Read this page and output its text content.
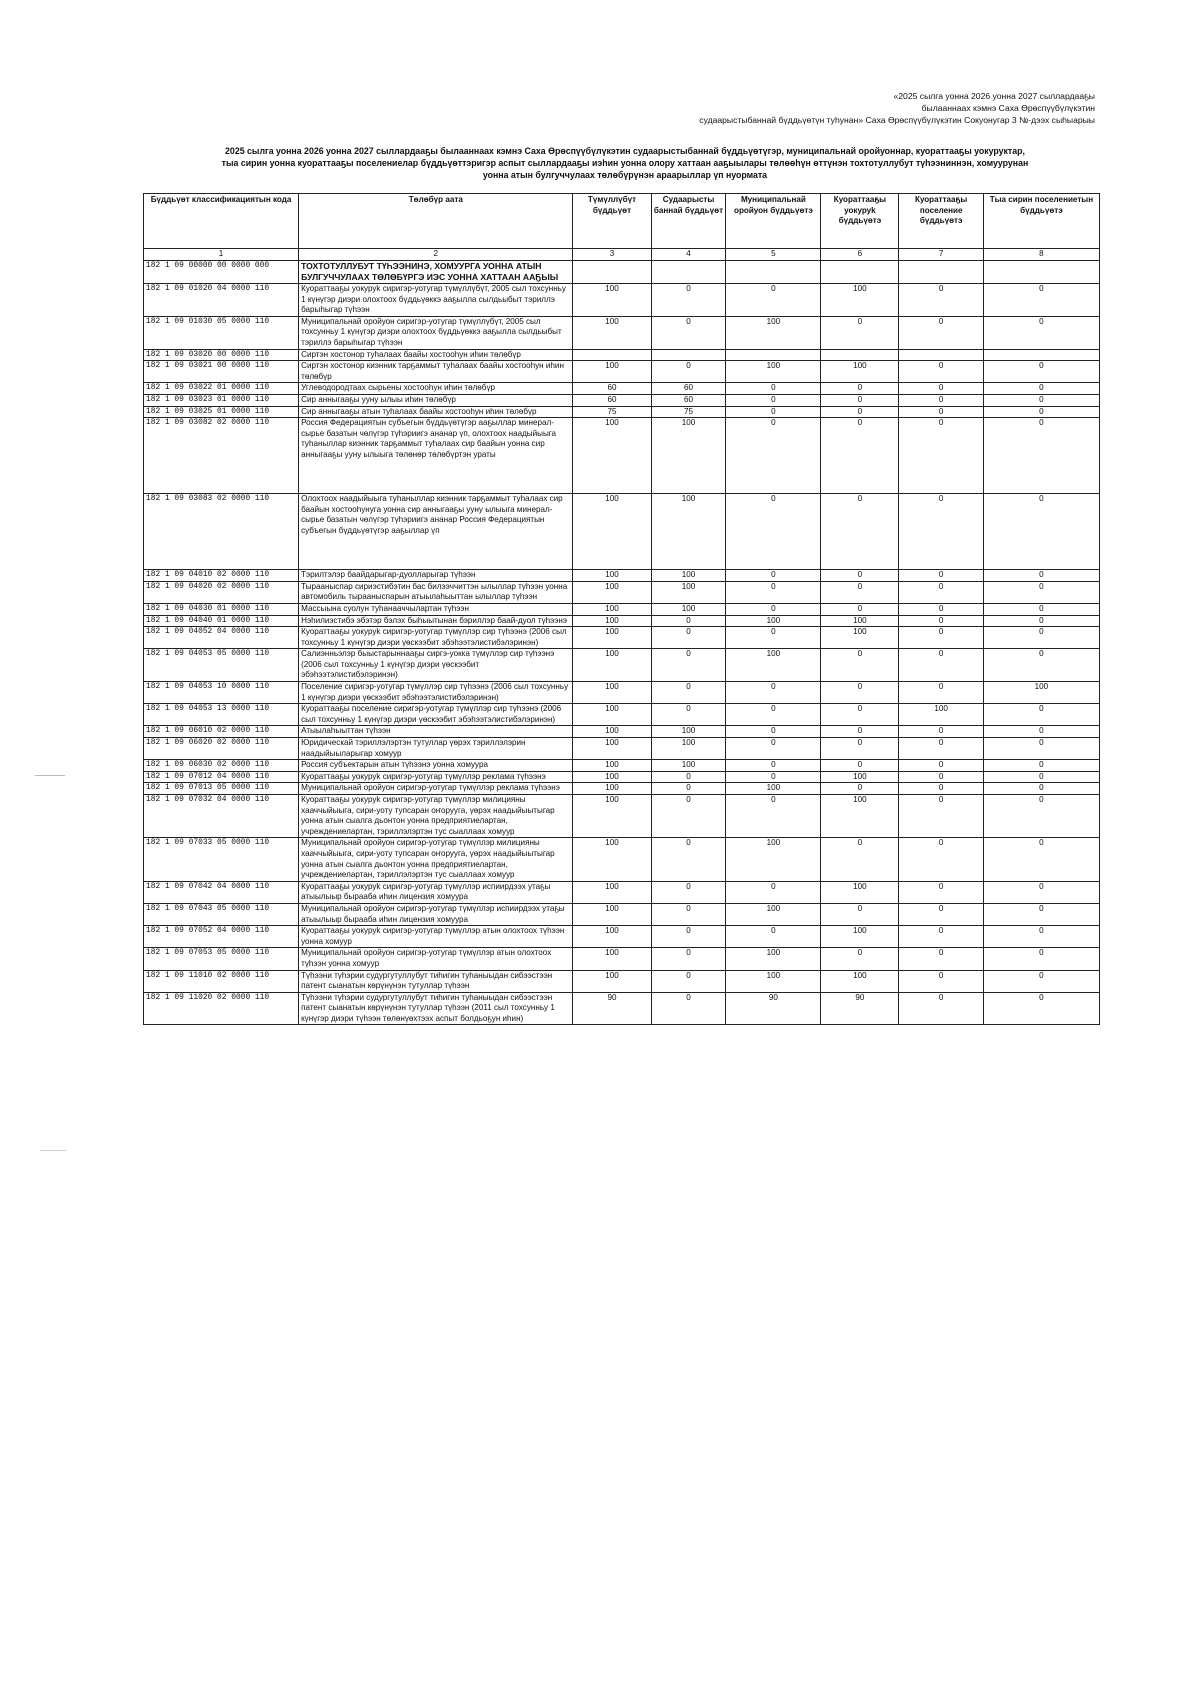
«2025 сылга уонна 2026 уонна 2027 сыллардааҕы
былааннаах кэмнэ Саха Өрөспүүбүлүкэтин
судаарыстыбаннай бүддьүөтүн туһунан» Саха Өрөспүүбүлүкэтин Сокуонугар 3 №-дээх сыһыарыы
2025 сылга уонна 2026 уонна 2027 сыллардааҕы былааннаах кэмнэ Саха Өрөспүүбүлүкэтин судаарыстыбаннай бүддьүөтүгэр, муниципальнай оройуоннар, куораттааҕы уокуруктар,
тыа сирин уонна куораттааҕы поселениелар бүддьүөттэригэр аспыт сыллардааҕы иэһин уонна олору хаттаан ааҕыылары төлөөһүн өттүнэн тохтотуллубут түһээниннэн, хомуурунан
уонна атын булгуччулаах төлөбүрүнэн араарыллар үп нуормата
Бүддьүөт классификациятын кода	Төлөбүр аата	Түмүллүбүт бүддьүөт	Судаарысты баннай бүддьүөт	Муниципальнай оройуон бүддьүөтэ	Куораттааҕы уокуруk бүддьүөтэ	Куораттааҕы поселение бүддьүөтэ	Тыа сирин поселениетын бүддьүөтэ
1	2	3	4	5	6	7	8
182 1 09 00000 00 0000 000	ТОХТОТУЛЛУБУТ ТҮҺЭЭНИНЭ, ХОМУУРГА УОННА АТЫН БУЛГУЧЧУЛААХ ТӨЛӨБҮРГЭ ИЭС УОННА ХАТТААН ААҔЫЫ						
182 1 09 01020 04 0000 110	Куораттааҕы уокуруk сиригэр-уотугар түмүллүбүт, 2005 сыл тохсунньу 1 күнүгэр диэри олохтоох бүддьүөккэ ааҕылла сылдьыбыт тэриллэ барыһыгар түһээн	100	0	0	100	0	0
182 1 09 01030 05 0000 110	Муниципальнай оройуон сиригэр-уотугар түмүллүбүт, 2005 сыл тохсунньу 1 күнүгэр диэри олохтоох бүддьүөккэ ааҕылла сылдьыбыт тэриллэ барыһыгар түһээн	100	0	100	0	0	0
182 1 09 03020 00 0000 110	Сиртэн хостонор туһалаах баайы хостооһун иһин төлөбүр						
182 1 09 03021 00 0000 110	Сиртэн хостонор киэнник тарҕаммыт туһалаах баайы хостооһун иһин төлөбүр	100	0	100	100	0	0
182 1 09 03022 01 0000 110	Углеводородтаах сырьены хостооһун иһин төлөбүр	60	60	0	0	0	0
182 1 09 03023 01 0000 110	Сир анныгааҕы ууну ылыы иһин төлөбүр	60	60	0	0	0	0
182 1 09 03025 01 0000 110	Сир анныгааҕы атын туһалаах баайы хостооһун иһин төлөбүр	75	75	0	0	0	0
182 1 09 03082 02 0000 110	Россия Федерациятын субъегын бүддьүөтүгэр ааҕыллар минерал-сырье базатын чөлүгэр түһэриигэ ананар үп, олохтоох наадыйыыга туһаныллар киэнник тарҕаммыт туһалаах сир баайын уонна сир анныгааҕы ууну ылыыга төлөнөр төлөбүртэн ураты	100	100	0	0	0	0
182 1 09 03083 02 0000 110	Олохтоох наадыйыыга туһаныллар киэнник тарҕаммыт туһалаах сир баайын хостооһунуга уонна сир анныгааҕы ууну ылыыга минерал-сырье базатын чөлүгэр түһэриигэ ананар Россия Федерациятын субъегын бүддьүөтүгэр ааҕыллар үп	100	100	0	0	0	0
182 1 09 04010 02 0000 110	Тэрилтэлэр баайдарыгар-дуолларыгар түһээн	100	100	0	0	0	0
182 1 09 04020 02 0000 110	Тырааныспар сириэстибэтин бас билээччиттэн ылыллар түһээн уонна автомобиль тырааныспарын атыылаһыыттан ылыллар түһээн	100	100	0	0	0	0
182 1 09 04030 01 0000 110	Массыына суолун туһанааччылартан түһээн	100	100	0	0	0	0
182 1 09 04040 01 0000 110	Нэһилиэстибэ эбэтэр бэлэх быһыытынан бэриллэр баай-дуол түһээнэ	100	0	100	100	0	0
182 1 09 04052 04 0000 110	Куораттааҕы уокуруk сиригэр-уотугар түмүллэр сир түһээнэ (2006 сыл тохсунньу 1 күнүгэр диэри үөскээбит эбэһээтэлистибэлэринэн)	100	0	0	100	0	0
182 1 09 04053 05 0000 110	Салиэнньэлэр быыстарыннааҕы сиргэ-уокка түмүллэр сир түһээнэ (2006 сыл тохсунньу 1 күнүгэр диэри үөскээбит эбэһээтэлистибэлэринэн)	100	0	100	0	0	0
182 1 09 04053 10 0000 110	Поселение сиригэр-уотугар түмүллэр сир түһээнэ (2006 сыл тохсунньу 1 күнүгэр диэри үөскээбит эбэһээтэлистибэлэринэн)	100	0	0	0	0	100
182 1 09 04053 13 0000 110	Куораттааҕы поселение сиригэр-уотугар түмүллэр сир түһээнэ (2006 сыл тохсунньу 1 күнүгэр диэри үөскээбит эбэһээтэлистибэлэринэн)	100	0	0	0	100	0
182 1 09 06010 02 0000 110	Атыылаһыыттан түһээн	100	100	0	0	0	0
182 1 09 06020 02 0000 110	Юридическай тэриллэлэртэн тутуллар үөрэх тэриллэлэрин наадыйыыларыгар хомуур	100	100	0	0	0	0
182 1 09 06030 02 0000 110	Россия субъектарын атын түһээнэ уонна хомуура	100	100	0	0	0	0
182 1 09 07012 04 0000 110	Куораттааҕы уокуруk сиригэр-уотугар түмүллэр реклама түһээнэ	100	0	0	100	0	0
182 1 09 07013 05 0000 110	Муниципальнай оройуон сиригэр-уотугар түмүллэр реклама түһээнэ	100	0	100	0	0	0
182 1 09 07032 04 0000 110	Куораттааҕы уокуруk сиригэр-уотугар түмүллэр милицияны хааччыйыыга, сири-уоту тупсаран оҥорууга, үөрэх наадыйыытыгар уонна атын сыалга дьонтон уонна предприятиелартан, учреждениелартан, тэриллэлэртэн тус сыаллаах хомуур	100	0	0	100	0	0
182 1 09 07033 05 0000 110	Муниципальнай оройуон сиригэр-уотугар түмүллэр милицияны хааччыйыыга, сири-уоту тупсаран оҥорууга, үөрэх наадыйыытыгар уонна атын сыалга дьонтон уонна предприятиелартан, учреждениелартан, тэриллэлэртэн тус сыаллаах хомуур	100	0	100	0	0	0
182 1 09 07042 04 0000 110	Куораттааҕы уокуруk сиригэр-уотугар түмүллэр испиирдээх утаҕы атыылыыр бырааба иһин лицензия хомуура	100	0	0	100	0	0
182 1 09 07043 05 0000 110	Муниципальнай оройуон сиригэр-уотугар түмүллэр испиирдээх утаҕы атыылыыр бырааба иһин лицензия хомуура	100	0	100	0	0	0
182 1 09 07052 04 0000 110	Куораттааҕы уокуруk сиригэр-уотугар түмүллэр атын олохтоох түһээн уонна хомуур	100	0	0	100	0	0
182 1 09 07053 05 0000 110	Муниципальнай оройуон сиригэр-уотугар түмүллэр атын олохтоох түһээн уонна хомуур	100	0	100	0	0	0
182 1 09 11010 02 0000 110	Түһээни түһэрии судургутуллубут тиһигин туһаныыдан сибээстээн патент сыанатын көрүнүнэн тутуллар түһээн	100	0	100	100	0	0
182 1 09 11020 02 0000 110	Түһээни түһэрии судургутуллубут тиһигин туһаныыдан сибээстээн патент сыанатын көрүнүнэн тутуллар түһээн (2011 сыл тохсунньу 1 күнүгэр диэри түһээн төлөнүөхтээх аспыт болдьоҕун иһин)	90	0	90	90	0	0
